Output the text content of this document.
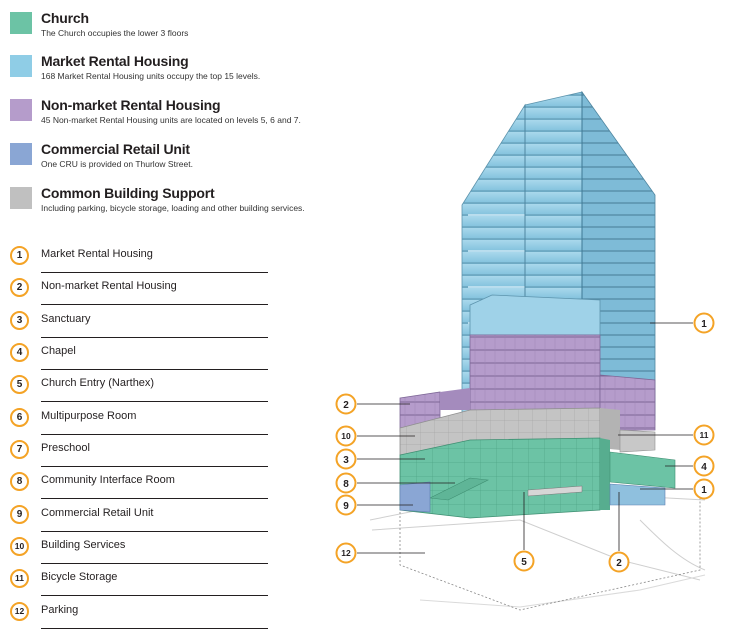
Church
The Church occupies the lower 3 floors
Market Rental Housing
168 Market Rental Housing units occupy the top 15 levels.
Non-market Rental Housing
45 Non-market Rental Housing units are located on levels 5, 6 and 7.
Commercial Retail Unit
One CRU is provided on Thurlow Street.
Common Building Support
Including parking, bicycle storage, loading and other building services.
1	Market Rental Housing
2	Non-market Rental Housing
3	Sanctuary
4	Chapel
5	Church Entry (Narthex)
6	Multipurpose Room
7	Preschool
8	Community Interface Room
9	Commercial Retail Unit
10	Building Services
11	Bicycle Storage
12	Parking
1
2
10
3
8
9
12
5	2
11
4
1
